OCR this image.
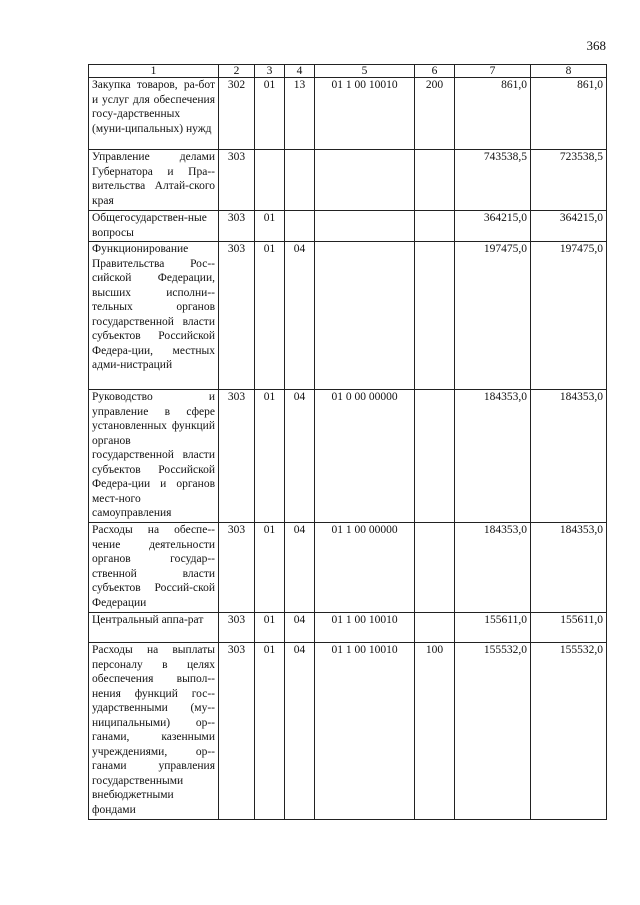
368
1	2	3	4	5	6	7	8
Закупка товаров, ра-бот и услуг для обеспечения госу-дарственных (муни-ципальных) нужд	302	01	13	01 1 00 10010	200	861,0	861,0
Управление делами Губернатора и Пра-вительства Алтай-ского края	303					743538,5	723538,5
Общегосударствен-ные вопросы	303	01				364215,0	364215,0
Функционирование Правительства Рос-сийской Федерации, высших исполни-тельных органов государственной власти субъектов Российской Федера-ции, местных адми-нистраций	303	01	04			197475,0	197475,0
Руководство и управление в сфере установленных функций органов государственной власти субъектов Российской Федера-ции и органов мест-ного самоуправления	303	01	04	01 0 00 00000		184353,0	184353,0
Расходы на обеспе-чение деятельности органов государ-ственной власти субъектов Россий-ской Федерации	303	01	04	01 1 00 00000		184353,0	184353,0
Центральный аппа-рат	303	01	04	01 1 00 10010		155611,0	155611,0
Расходы на выплаты персоналу в целях обеспечения выпол-нения функций гос-ударственными (му-ниципальными) ор-ганами, казенными учреждениями, ор-ганами управления государственными внебюджетными фондами	303	01	04	01 1 00 10010	100	155532,0	155532,0
